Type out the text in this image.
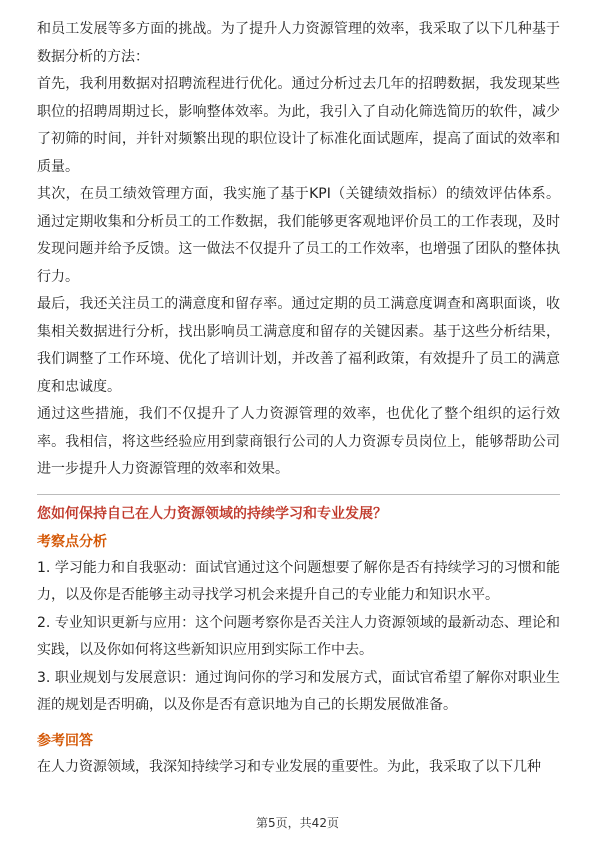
和员工发展等多方面的挑战。为了提升人力资源管理的效率，我采取了以下几种基于数据分析的方法：

首先，我利用数据对招聘流程进行优化。通过分析过去几年的招聘数据，我发现某些职位的招聘周期过长，影响整体效率。为此，我引入了自动化筛选简历的软件，减少了初筛的时间，并针对频繁出现的职位设计了标准化面试题库，提高了面试的效率和质量。

其次，在员工绩效管理方面，我实施了基于KPI（关键绩效指标）的绩效评估体系。通过定期收集和分析员工的工作数据，我们能够更客观地评价员工的工作表现，及时发现问题并给予反馈。这一做法不仅提升了员工的工作效率，也增强了团队的整体执行力。

最后，我还关注员工的满意度和留存率。通过定期的员工满意度调查和离职面谈，收集相关数据进行分析，找出影响员工满意度和留存的关键因素。基于这些分析结果，我们调整了工作环境、优化了培训计划，并改善了福利政策，有效提升了员工的满意度和忠诚度。

通过这些措施，我们不仅提升了人力资源管理的效率，也优化了整个组织的运行效率。我相信，将这些经验应用到蒙商银行公司的人力资源专员岗位上，能够帮助公司进一步提升人力资源管理的效率和效果。

您如何保持自己在人力资源领域的持续学习和专业发展？

考察点分析

1. 学习能力和自我驱动：面试官通过这个问题想要了解你是否有持续学习的习惯和能力，以及你是否能够主动寻找学习机会来提升自己的专业能力和知识水平。

2. 专业知识更新与应用：这个问题考察你是否关注人力资源领域的最新动态、理论和实践，以及你如何将这些新知识应用到实际工作中去。

3. 职业规划与发展意识：通过询问你的学习和发展方式，面试官希望了解你对职业生涯的规划是否明确，以及你是否有意识地为自己的长期发展做准备。

参考回答

在人力资源领域，我深知持续学习和专业发展的重要性。为此，我采取了以下几种

第5页，共42页
